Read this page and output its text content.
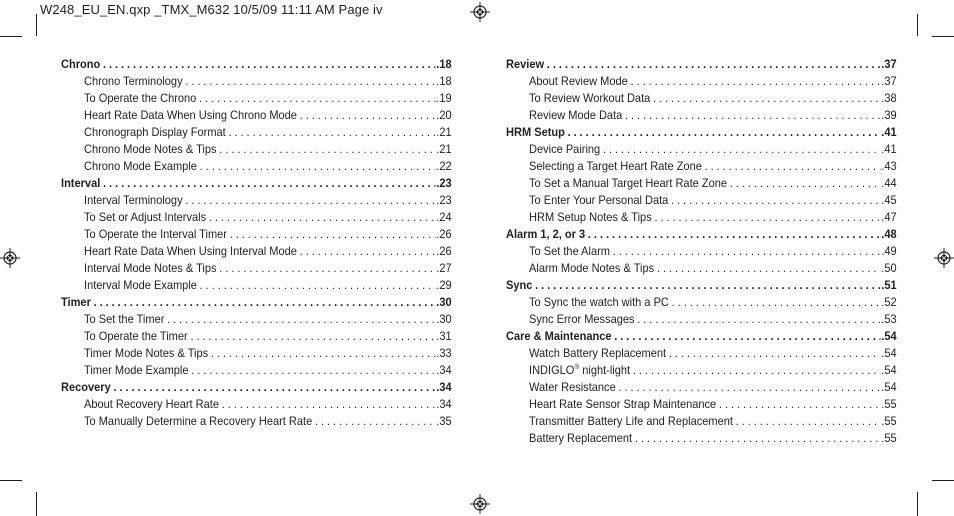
W248_EU_EN.qxp _TMX_M632 10/5/09 11:11 AM Page iv
Chrono .....	.18
Chrono Terminology .....	.18
To Operate the Chrono .....	.19
Heart Rate Data When Using Chrono Mode .....	.20
Chronograph Display Format .....	.21
Chrono Mode Notes & Tips .....	.21
Chrono Mode Example .....	.22
Interval .....	.23
Interval Terminology .....	.23
To Set or Adjust Intervals .....	.24
To Operate the Interval Timer .....	.26
Heart Rate Data When Using Interval Mode .....	.26
Interval Mode Notes & Tips .....	.27
Interval Mode Example .....	.29
Timer .....	.30
To Set the Timer .....	.30
To Operate the Timer .....	.31
Timer Mode Notes & Tips .....	.33
Timer Mode Example .....	.34
Recovery .....	.34
About Recovery Heart Rate .....	.34
To Manually Determine a Recovery Heart Rate .....	.35
Review .....	.37
About Review Mode .....	.37
To Review Workout Data .....	.38
Review Mode Data .....	.39
HRM Setup .....	.41
Device Pairing .....	.41
Selecting a Target Heart Rate Zone .....	.43
To Set a Manual Target Heart Rate Zone .....	.44
To Enter Your Personal Data .....	.45
HRM Setup Notes & Tips .....	.47
Alarm 1, 2, or 3 .....	.48
To Set the Alarm .....	.49
Alarm Mode Notes & Tips .....	.50
Sync .....	.51
To Sync the watch with a PC .....	.52
Sync Error Messages .....	.53
Care & Maintenance .....	.54
Watch Battery Replacement .....	.54
INDIGLO® night-light .....	.54
Water Resistance .....	.54
Heart Rate Sensor Strap Maintenance .....	.55
Transmitter Battery Life and Replacement .....	.55
Battery Replacement .....	.55
